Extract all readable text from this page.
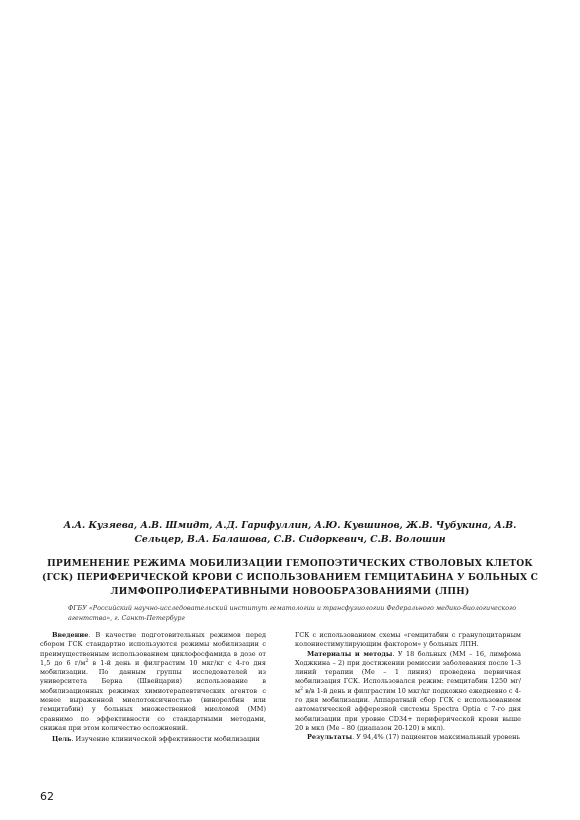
А.А. Кузяева, А.В. Шмидт, А.Д. Гарифуллин, А.Ю. Кувшинов, Ж.В. Чубукина, А.В. Сельцер, В.А. Балашова, С.В. Сидоркевич, С.В. Волошин
ПРИМЕНЕНИЕ РЕЖИМА МОБИЛИЗАЦИИ ГЕМОПОЭТИЧЕСКИХ СТВОЛОВЫХ КЛЕТОК (ГСК) ПЕРИФЕРИЧЕСКОЙ КРОВИ С ИСПОЛЬЗОВАНИЕМ ГЕМЦИТАБИНА У БОЛЬНЫХ С ЛИМФОПРОЛИФЕРАТИВНЫМИ НОВООБРАЗОВАНИЯМИ (ЛПН)
ФГБУ «Российский научно-исследовательский институт гематологии и трансфузиологии Федерального медико-биологического агентства», г. Санкт-Петербург

Введение. В качестве подготовительных режимов перед сбором ГСК стандартно используются режимы мобилизации с преимущественным использованием циклофосфамида в дозе от 1,5 до 6 $г/м^2$ в 1-й день и филграстим 10 мкг/кг с 4-го дня мобилизации. По данным группы исследователей из университета Берна (Швейцария) использование в мобилизационных режимах химиотерапевтических агентов с менее выраженной миелотоксичностью (винорелбин или гемцитабин) у больных множественной миеломой (ММ) сравнимо по эффективности со стандартными методами, снижая при этом количество осложнений.

Цель. Изучение клинической эффективности мобилизации

ГСК с использованием схемы «гемцитабин с гранулоцитарным колониестимулирующим фактором» у больных ЛПН.

Материалы и методы. У 18 больных (ММ – 16, лимфома Ходжкина – 2) при достижении ремиссии заболевания после 1-3 линий терапии (Ме – 1 линия) проведена первичная мобилизация ГСК. Использовался режим: гемцитабин 1250 $мг/м^2$ в/в 1-й день и филграстим 10 мкг/кг подкожно ежедневно с 4-го дня мобилизации. Аппаратный сбор ГСК с использованием автоматической афферезной системы Spectra Optia с 7-го дня мобилизации при уровне CD34+ периферической крови выше 20 в мкл (Ме – 80 (диапазон 20-120) в мкл).

Результаты. У 94,4% (17) пациентов максимальный уровень

62
